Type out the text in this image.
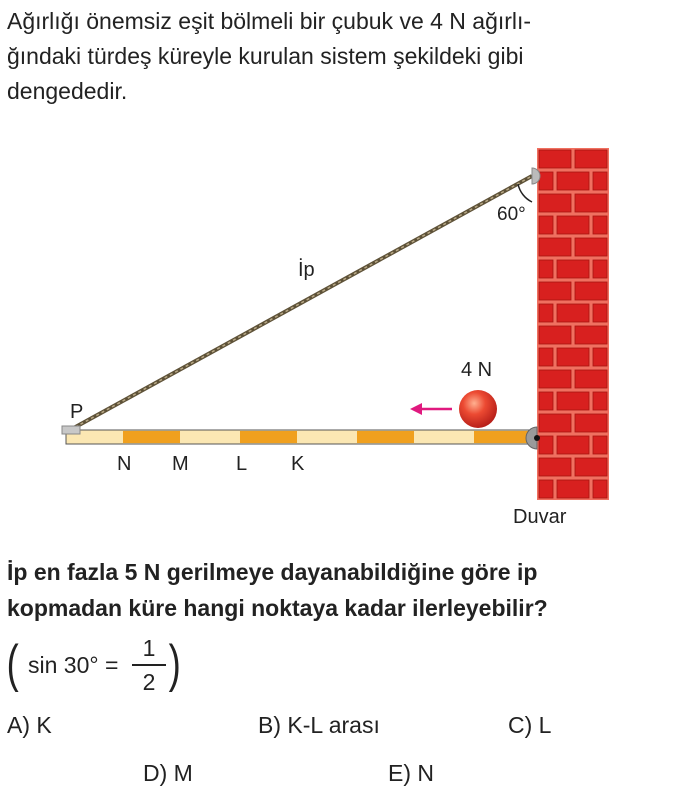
Ağırlığı önemsiz eşit bölmeli bir çubuk ve 4 N ağırlı-
ğındaki türdeş küreyle kurulan sistem şekildeki gibi
dengededir.
60°
İp
4 N
P
N M L K
Duvar
İp en fazla 5 N gerilmeye dayanabildiğine göre ip
kopmadan küre hangi noktaya kadar ilerleyebilir?
( sin 30° =
1
2 )
A) K	B) K-L arası	C) L
D) M	E) N
